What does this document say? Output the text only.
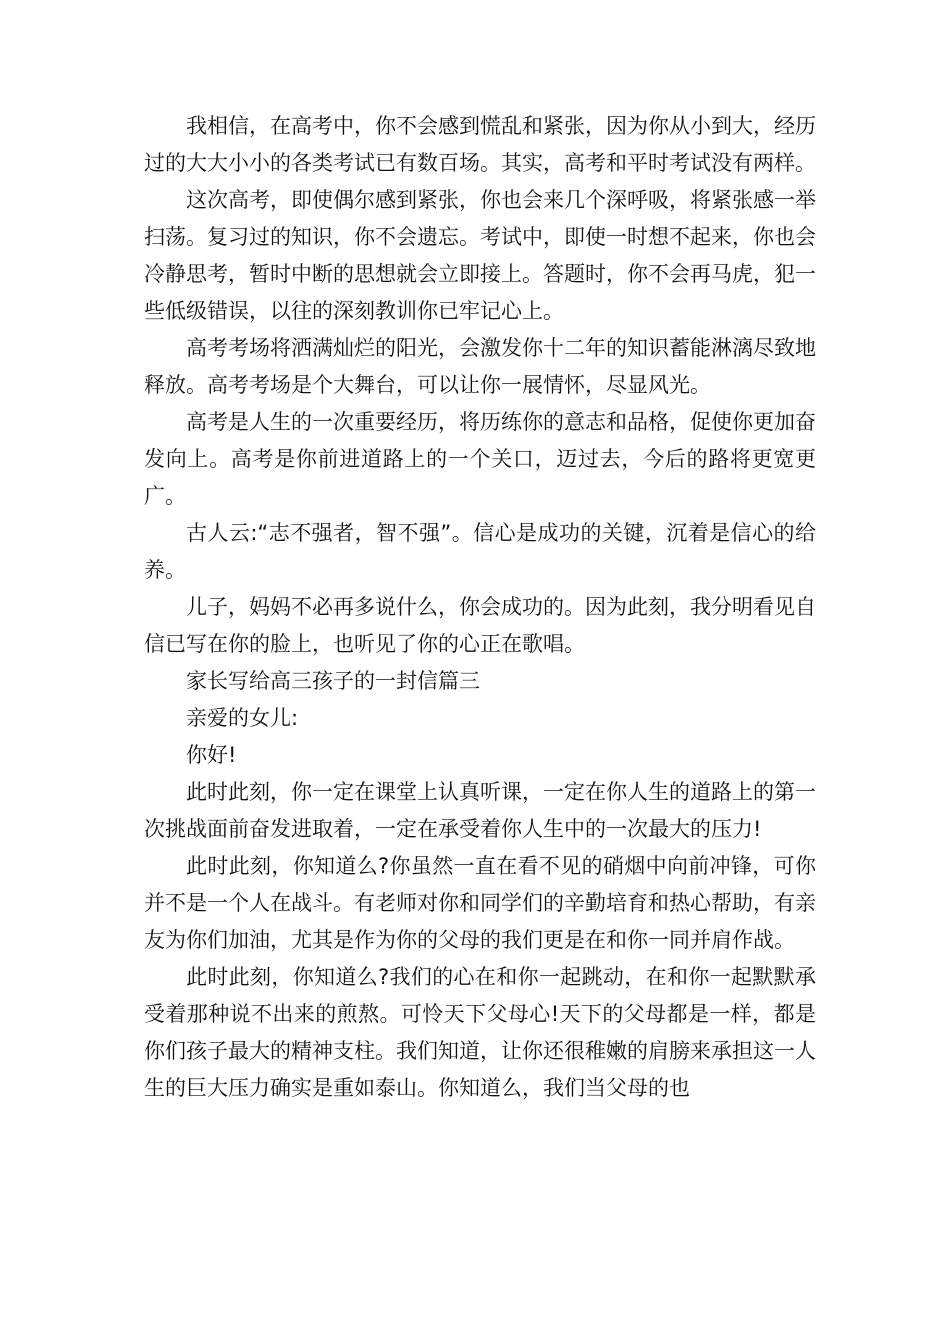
我相信，在高考中，你不会感到慌乱和紧张，因为你从小到大，经历过的大大小小的各类考试已有数百场。其实，高考和平时考试没有两样。

这次高考，即使偶尔感到紧张，你也会来几个深呼吸，将紧张感一举扫荡。复习过的知识，你不会遗忘。考试中，即使一时想不起来，你也会冷静思考，暂时中断的思想就会立即接上。答题时，你不会再马虎，犯一些低级错误，以往的深刻教训你已牢记心上。

高考考场将洒满灿烂的阳光，会激发你十二年的知识蓄能淋漓尽致地释放。高考考场是个大舞台，可以让你一展情怀，尽显风光。

高考是人生的一次重要经历，将历练你的意志和品格，促使你更加奋发向上。高考是你前进道路上的一个关口，迈过去，今后的路将更宽更广。

古人云:“志不强者，智不强”。信心是成功的关键，沉着是信心的给养。

儿子，妈妈不必再多说什么，你会成功的。因为此刻，我分明看见自信已写在你的脸上，也听见了你的心正在歌唱。

家长写给高三孩子的一封信篇三

亲爱的女儿:

你好!

此时此刻，你一定在课堂上认真听课，一定在你人生的道路上的第一次挑战面前奋发进取着，一定在承受着你人生中的一次最大的压力!

此时此刻，你知道么?你虽然一直在看不见的硝烟中向前冲锋，可你并不是一个人在战斗。有老师对你和同学们的辛勤培育和热心帮助，有亲友为你们加油，尤其是作为你的父母的我们更是在和你一同并肩作战。

此时此刻，你知道么?我们的心在和你一起跳动，在和你一起默默承受着那种说不出来的煎熬。可怜天下父母心!天下的父母都是一样，都是你们孩子最大的精神支柱。我们知道，让你还很稚嫩的肩膀来承担这一人生的巨大压力确实是重如泰山。你知道么，我们当父母的也
